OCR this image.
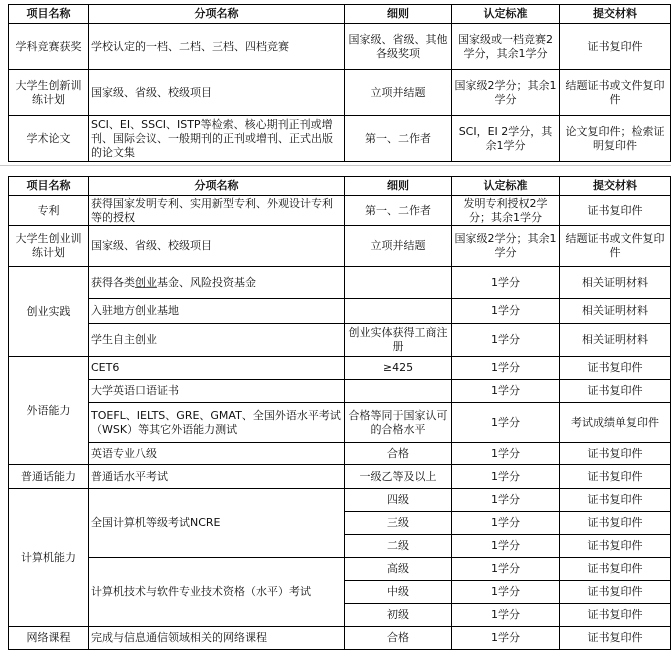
项目名称	分项名称	细则	认定标准	提交材料
学科竞赛获奖	学校认定的一档、二档、三档、四档竞赛	国家级、省级、其他各级奖项	国家级或一档竞赛2学分，其余1学分	证书复印件
大学生创新训练计划	国家级、省级、校级项目	立项并结题	国家级2学分；其余1学分	结题证书或文件复印件
学术论文	SCI、EI、SSCI、ISTP等检索、核心期刊正刊或增刊、国际会议、一般期刊的正刊或增刊、正式出版的论文集	第一、二作者	SCI，EI 2学分，其余1学分	论文复印件；检索证明复印件
项目名称	分项名称	细则	认定标准	提交材料
专利	获得国家发明专利、实用新型专利、外观设计专利等的授权	第一、二作者	发明专利授权2学分；其余1学分	证书复印件
大学生创业训练计划	国家级、省级、校级项目	立项并结题	国家级2学分；其余1学分	结题证书或文件复印件
创业实践	获得各类创业基金、风险投资基金		1学分	相关证明材料
	入驻地方创业基地		1学分	相关证明材料
	学生自主创业	创业实体获得工商注册	1学分	相关证明材料
外语能力	CET6	≥425	1学分	证书复印件
	大学英语口语证书		1学分	证书复印件
	TOEFL、IELTS、GRE、GMAT、全国外语水平考试（WSK）等其它外语能力测试	合格等同于国家认可的合格水平	1学分	考试成绩单复印件
	英语专业八级	合格	1学分	证书复印件
普通话能力	普通话水平考试	一级乙等及以上	1学分	证书复印件
计算机能力	全国计算机等级考试NCRE	四级	1学分	证书复印件
		三级	1学分	证书复印件
		二级	1学分	证书复印件
	计算机技术与软件专业技术资格（水平）考试	高级	1学分	证书复印件
		中级	1学分	证书复印件
		初级	1学分	证书复印件
网络课程	完成与信息通信领域相关的网络课程	合格	1学分	证书复印件
